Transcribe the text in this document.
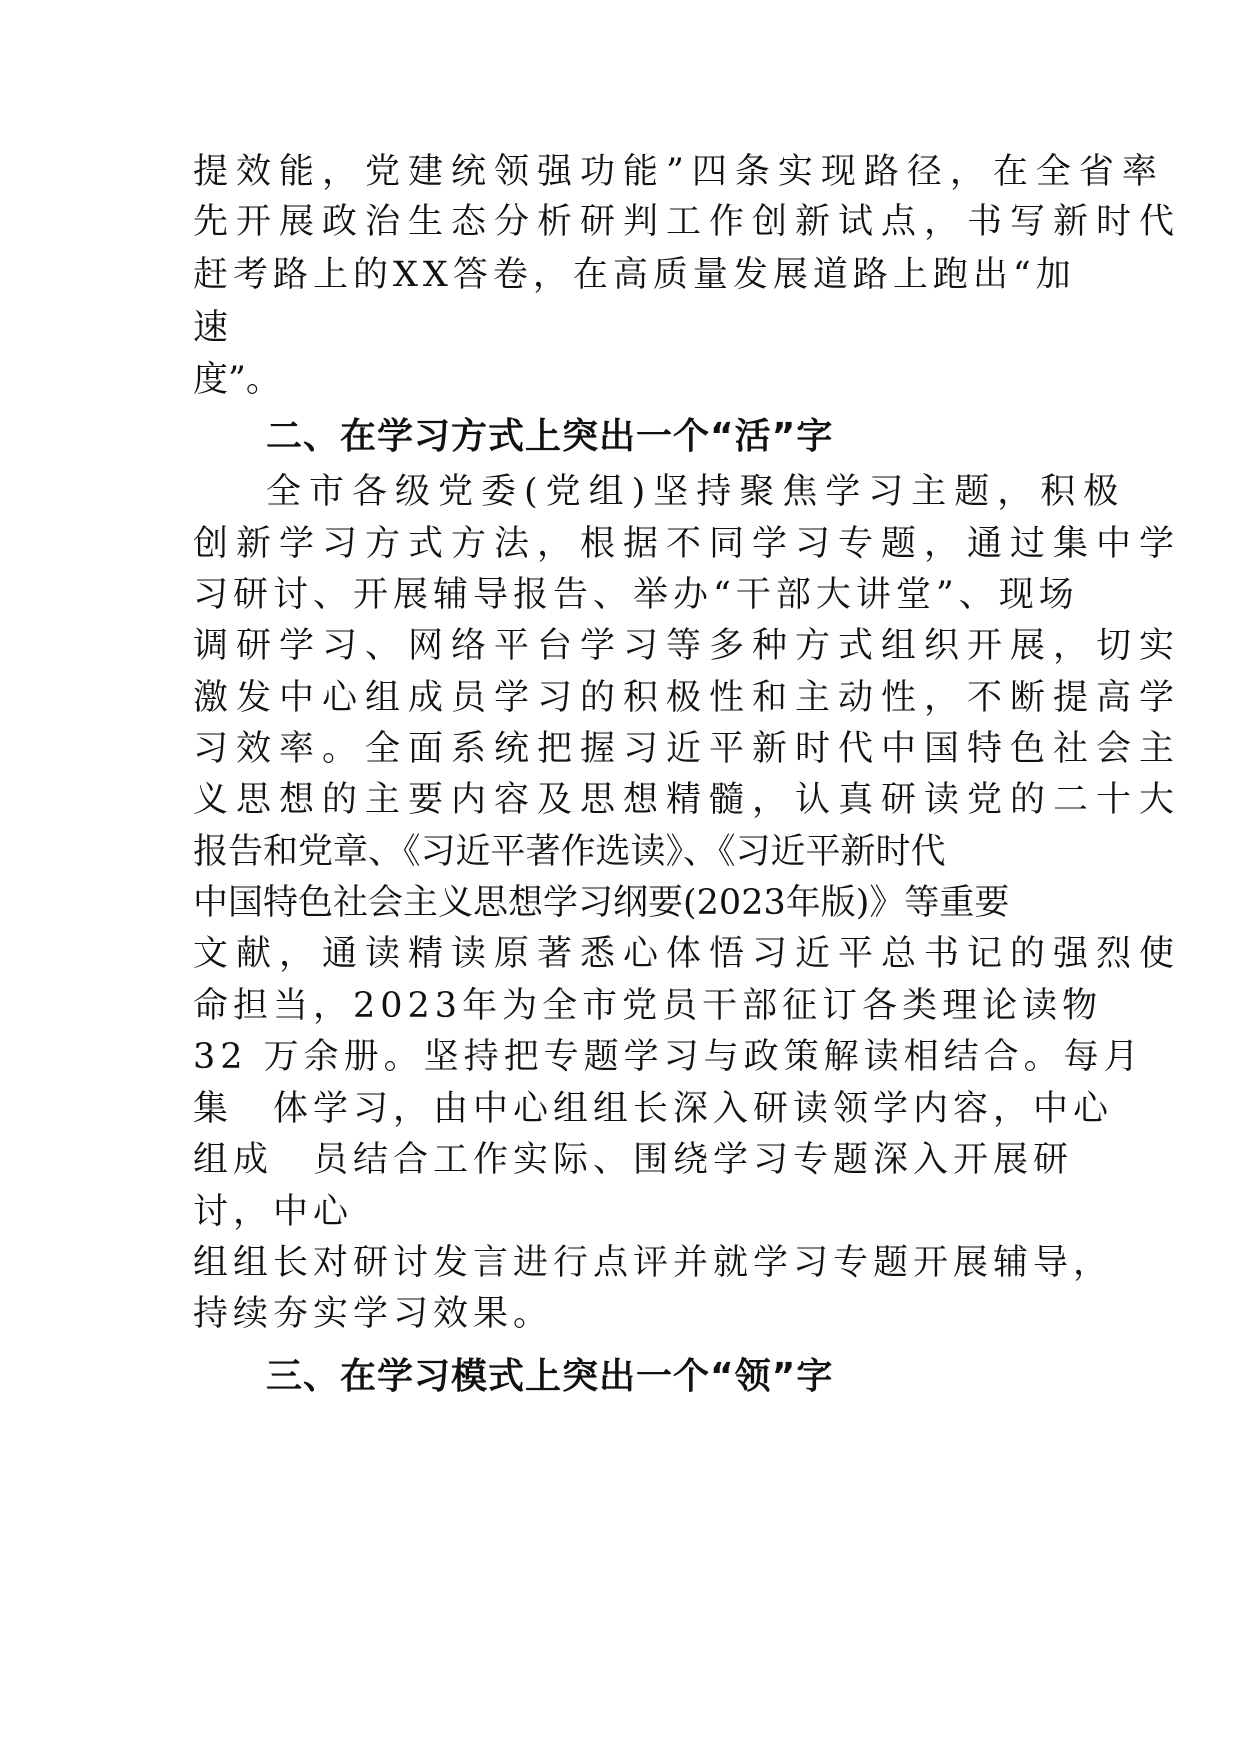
提效能，党建统领强功能”四条实现路径，在全省率
先开展政治生态分析研判工作创新试点，书写新时代
赶考路上的XX答卷，在高质量发展道路上跑出“加
速
度”。
二、在学习方式上突出一个“活”字
全市各级党委(党组)坚持聚焦学习主题，积极
创新学习方式方法，根据不同学习专题，通过集中学
习研讨、开展辅导报告、举办“干部大讲堂”、现场
调研学习、网络平台学习等多种方式组织开展，切实
激发中心组成员学习的积极性和主动性，不断提高学
习效率。全面系统把握习近平新时代中国特色社会主
义思想的主要内容及思想精髓，认真研读党的二十大
报告和党章、《习近平著作选读》、《习近平新时代
中国特色社会主义思想学习纲要(2023年版)》等重要
文献，通读精读原著悉心体悟习近平总书记的强烈使
命担当，2023年为全市党员干部征订各类理论读物
32 万余册。坚持把专题学习与政策解读相结合。每月
集　体学习，由中心组组长深入研读领学内容，中心
组成　员结合工作实际、围绕学习专题深入开展研
讨，中心
组组长对研讨发言进行点评并就学习专题开展辅导，
持续夯实学习效果。
三、在学习模式上突出一个“领”字
